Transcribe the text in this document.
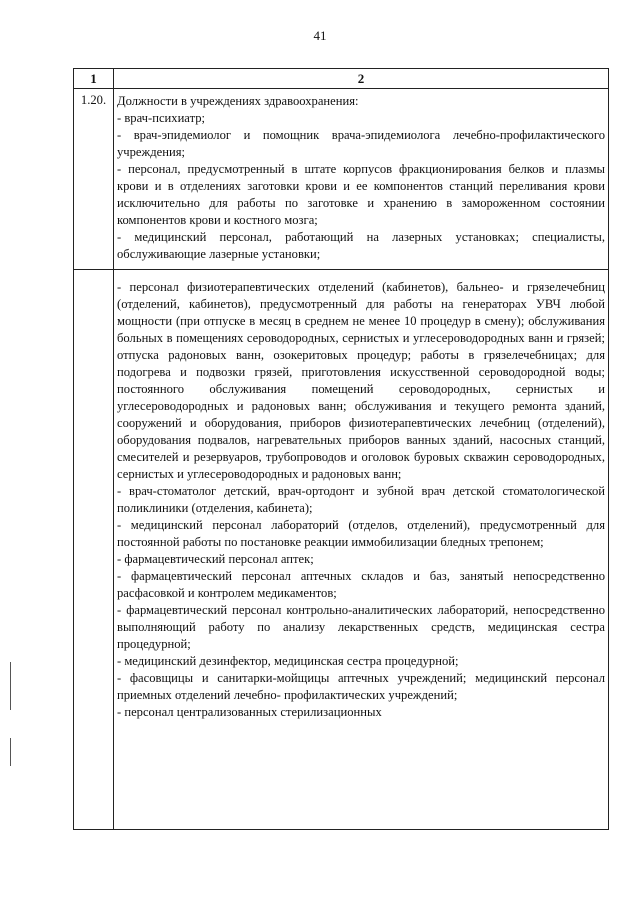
41
1	2
1.20. Должности в учреждениях здравоохранения:

- врач-психиатр;

- врач-эпидемиолог и помощник врача-эпидемиолога лечебно-профилактического учреждения;

- персонал, предусмотренный в штате корпусов фракционирования белков и плазмы крови и в отделениях заготовки крови и ее компонентов станций переливания крови исключительно для работы по заготовке и хранению в замороженном состоянии компонентов крови и костного мозга;

- медицинский персонал, работающий на лазерных установках; специалисты, обслуживающие лазерные установки;

- персонал физиотерапевтических отделений (кабинетов), бальнео- и грязелечебниц (отделений, кабинетов), предусмотренный для работы на генераторах УВЧ любой мощности (при отпуске в месяц в среднем не менее 10 процедур в смену); обслуживания больных в помещениях сероводородных, сернистых и углесероводородных ванн и грязей; отпуска радоновых ванн, озокеритовых процедур; работы в грязелечебницах; для подогрева и подвозки грязей, приготовления искусственной сероводородной воды; постоянного обслуживания помещений сероводородных, сернистых и углесероводородных и радоновых ванн; обслуживания и текущего ремонта зданий, сооружений и оборудования, приборов физиотерапевтических лечебниц (отделений), оборудования подвалов, нагревательных приборов ванных зданий, насосных станций, смесителей и резервуаров, трубопроводов и оголовок буровых скважин сероводородных, сернистых и углесероводородных и радоновых ванн;

- врач-стоматолог детский, врач-ортодонт и зубной врач детской стоматологической поликлиники (отделения, кабинета);

- медицинский персонал лабораторий (отделов, отделений), предусмотренный для постоянной работы по постановке реакции иммобилизации бледных трепонем;

- фармацевтический персонал аптек;

- фармацевтический персонал аптечных складов и баз, занятый непосредственно расфасовкой и контролем медикаментов;

- фармацевтический персонал контрольно-аналитических лабораторий, непосредственно выполняющий работу по анализу лекарственных средств, медицинская сестра процедурной;

- медицинский дезинфектор, медицинская сестра процедурной;

- фасовщицы и санитарки-мойщицы аптечных учреждений; медицинский персонал приемных отделений лечебно- профилактических учреждений;

- персонал централизованных стерилизационных
